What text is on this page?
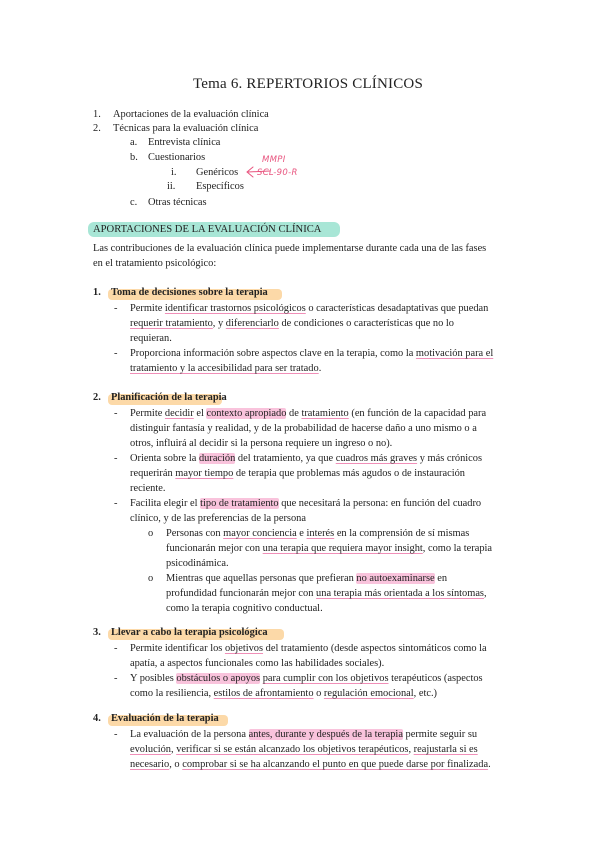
Tema 6. REPERTORIOS CLÍNICOS
1. Aportaciones de la evaluación clínica
2. Técnicas para la evaluación clínica
a. Entrevista clínica
b. Cuestionarios
i. Genéricos
ii. Específicos
c. Otras técnicas
MMPI
SCL-90-R
APORTACIONES DE LA EVALUACIÓN CLÍNICA
Las contribuciones de la evaluación clínica puede implementarse durante cada una de las fases
en el tratamiento psicológico:
1. Toma de decisiones sobre la terapia
- Permite identificar trastornos psicológicos o características desadaptativas que puedan
requerir tratamiento, y diferenciarlo de condiciones o características que no lo
requieran.
- Proporciona información sobre aspectos clave en la terapia, como la motivación para el
tratamiento y la accesibilidad para ser tratado.
2. Planificación de la terapia
- Permite decidir el contexto apropiado de tratamiento (en función de la capacidad para
distinguir fantasía y realidad, y de la probabilidad de hacerse daño a uno mismo o a
otros, influirá al decidir si la persona requiere un ingreso o no).
- Orienta sobre la duración del tratamiento, ya que cuadros más graves y más crónicos
requerirán mayor tiempo de terapia que problemas más agudos o de instauración
reciente.
- Facilita elegir el tipo de tratamiento que necesitará la persona: en función del cuadro
clínico, y de las preferencias de la persona
o Personas con mayor conciencia e interés en la comprensión de sí mismas
funcionarán mejor con una terapia que requiera mayor insight, como la terapia
psicodinámica.
o Mientras que aquellas personas que prefieran no autoexaminarse en
profundidad funcionarán mejor con una terapia más orientada a los síntomas,
como la terapia cognitivo conductual.
3. Llevar a cabo la terapia psicológica
- Permite identificar los objetivos del tratamiento (desde aspectos sintomáticos como la
apatía, a aspectos funcionales como las habilidades sociales).
- Y posibles obstáculos o apoyos para cumplir con los objetivos terapéuticos (aspectos
como la resiliencia, estilos de afrontamiento o regulación emocional, etc.)
4. Evaluación de la terapia
- La evaluación de la persona antes, durante y después de la terapia permite seguir su
evolución, verificar si se están alcanzado los objetivos terapéuticos, reajustarla si es
necesario, o comprobar si se ha alcanzando el punto en que puede darse por finalizada.
